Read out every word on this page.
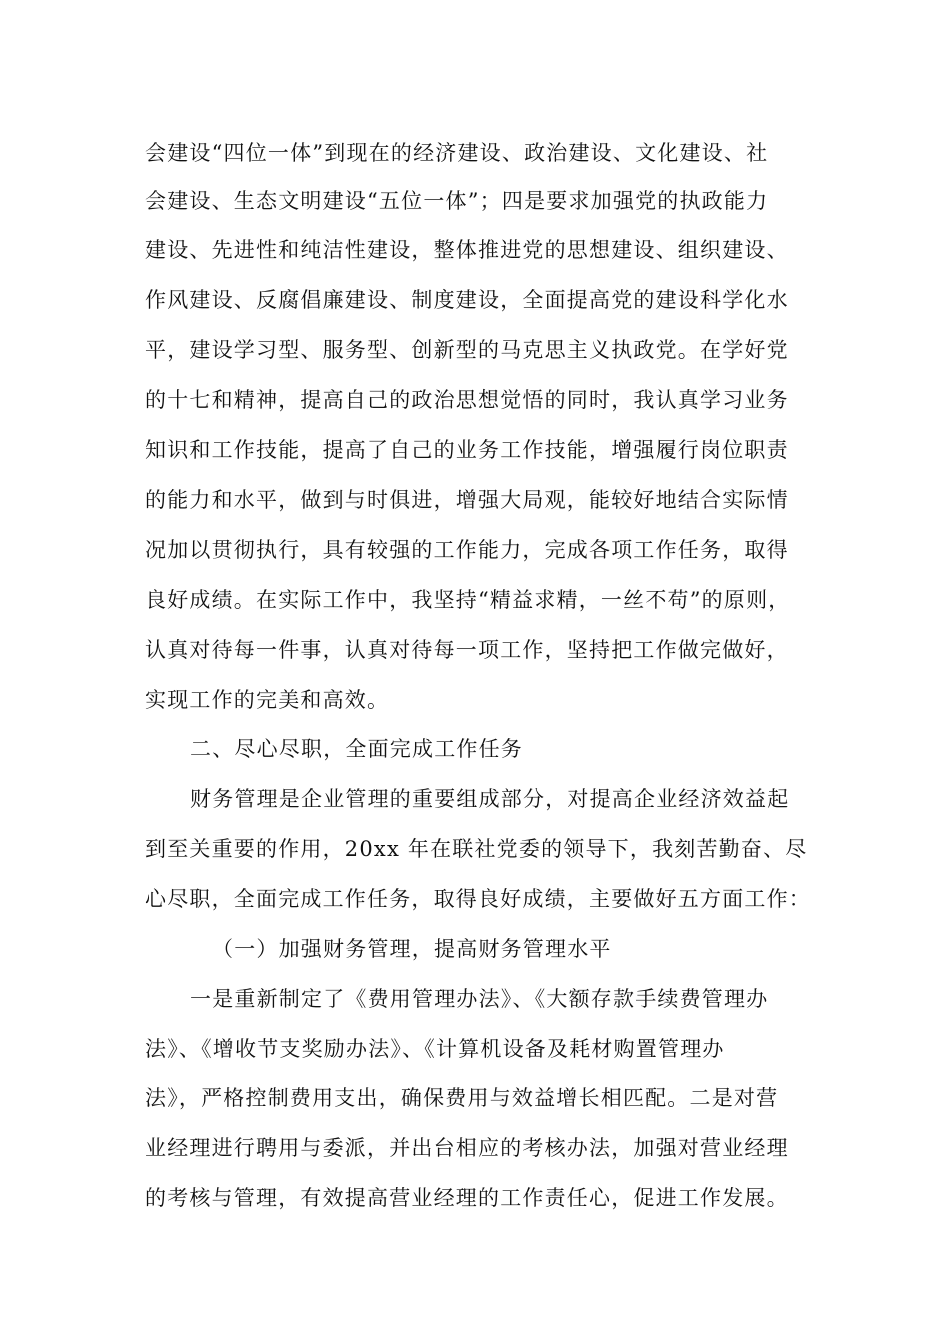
会建设“四位一体”到现在的经济建设、政治建设、文化建设、社
会建设、生态文明建设“五位一体”；四是要求加强党的执政能力
建设、先进性和纯洁性建设，整体推进党的思想建设、组织建设、
作风建设、反腐倡廉建设、制度建设，全面提高党的建设科学化水
平，建设学习型、服务型、创新型的马克思主义执政党。在学好党
的十七和精神，提高自己的政治思想觉悟的同时，我认真学习业务
知识和工作技能，提高了自己的业务工作技能，增强履行岗位职责
的能力和水平，做到与时俱进，增强大局观，能较好地结合实际情
况加以贯彻执行，具有较强的工作能力，完成各项工作任务，取得
良好成绩。在实际工作中，我坚持“精益求精，一丝不苟”的原则，
认真对待每一件事，认真对待每一项工作，坚持把工作做完做好，
实现工作的完美和高效。
二、尽心尽职，全面完成工作任务
财务管理是企业管理的重要组成部分，对提高企业经济效益起
到至关重要的作用，20xx 年在联社党委的领导下，我刻苦勤奋、尽
心尽职，全面完成工作任务，取得良好成绩，主要做好五方面工作：
（一）加强财务管理，提高财务管理水平
一是重新制定了《费用管理办法》、《大额存款手续费管理办
法》、《增收节支奖励办法》、《计算机设备及耗材购置管理办
法》，严格控制费用支出，确保费用与效益增长相匹配。二是对营
业经理进行聘用与委派，并出台相应的考核办法，加强对营业经理
的考核与管理，有效提高营业经理的工作责任心，促进工作发展。
